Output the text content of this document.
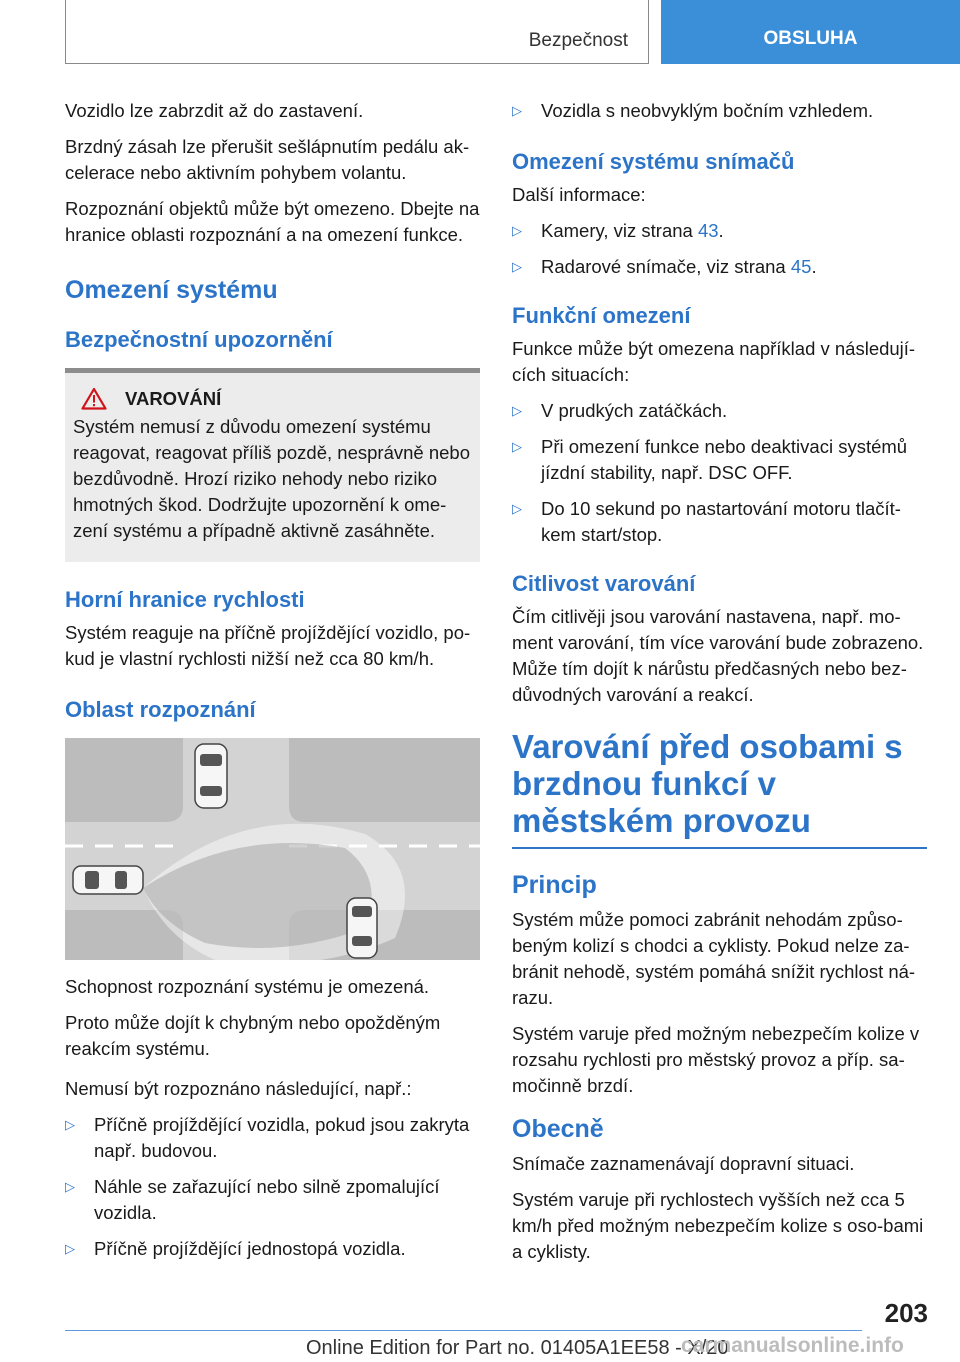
Bezpečnost	OBSLUHA

Vozidlo lze zabrzdit až do zastavení.

Brzdný zásah lze přerušit sešlápnutím pedálu ak-celerace nebo aktivním pohybem volantu.

Rozpoznání objektů může být omezeno. Dbejte na hranice oblasti rozpoznání a na omezení funkce.

Omezení systému
Bezpečnostní upozornění
VAROVÁNÍ

Systém nemusí z důvodu omezení systému reagovat, reagovat příliš pozdě, nesprávně nebo bezdůvodně. Hrozí riziko nehody nebo riziko hmotných škod. Dodržujte upozornění k ome-zení systému a případně aktivně zasáhněte.

Horní hranice rychlosti

Systém reaguje na příčně projíždějící vozidlo, po-kud je vlastní rychlosti nižší než cca 80 km/h.

Oblast rozpoznání

Schopnost rozpoznání systému je omezená.

Proto může dojít k chybným nebo opožděným reakcím systému.

Nemusí být rozpoznáno následující, např.:

▷ Příčně projíždějící vozidla, pokud jsou zakryta např. budovou.
▷ Náhle se zařazující nebo silně zpomalující vozidla.
▷ Příčně projíždějící jednostopá vozidla.
▷ Vozidla s neobvyklým bočním vzhledem.
Omezení systému snímačů

Další informace:

▷ Kamery, viz strana 43.
▷ Radarové snímače, viz strana 45.
Funkční omezení

Funkce může být omezena například v následují-cích situacích:

▷ V prudkých zatáčkách.
▷ Při omezení funkce nebo deaktivaci systémů jízdní stability, např. DSC OFF.
▷ Do 10 sekund po nastartování motoru tlačít-kem start/stop.
Citlivost varování

Čím citlivěji jsou varování nastavena, např. mo-ment varování, tím více varování bude zobrazeno. Může tím dojít k nárůstu předčasných nebo bez-důvodných varování a reakcí.

Varování před osobami s brzdnou funkcí v městském provozu
Princip

Systém může pomoci zabránit nehodám způso-beným kolizí s chodci a cyklisty. Pokud nelze za-bránit nehodě, systém pomáhá snížit rychlost ná-razu.

Systém varuje před možným nebezpečím kolize v rozsahu rychlosti pro městský provoz a příp. sa-močinně brzdí.

Obecně

Snímače zaznamenávají dopravní situaci.

Systém varuje při rychlostech vyšších než cca 5 km/h před možným nebezpečím kolize s oso-bami a cyklisty.

203
Online Edition for Part no. 01405A1EE58 - X/20
carmanualsonline.info
